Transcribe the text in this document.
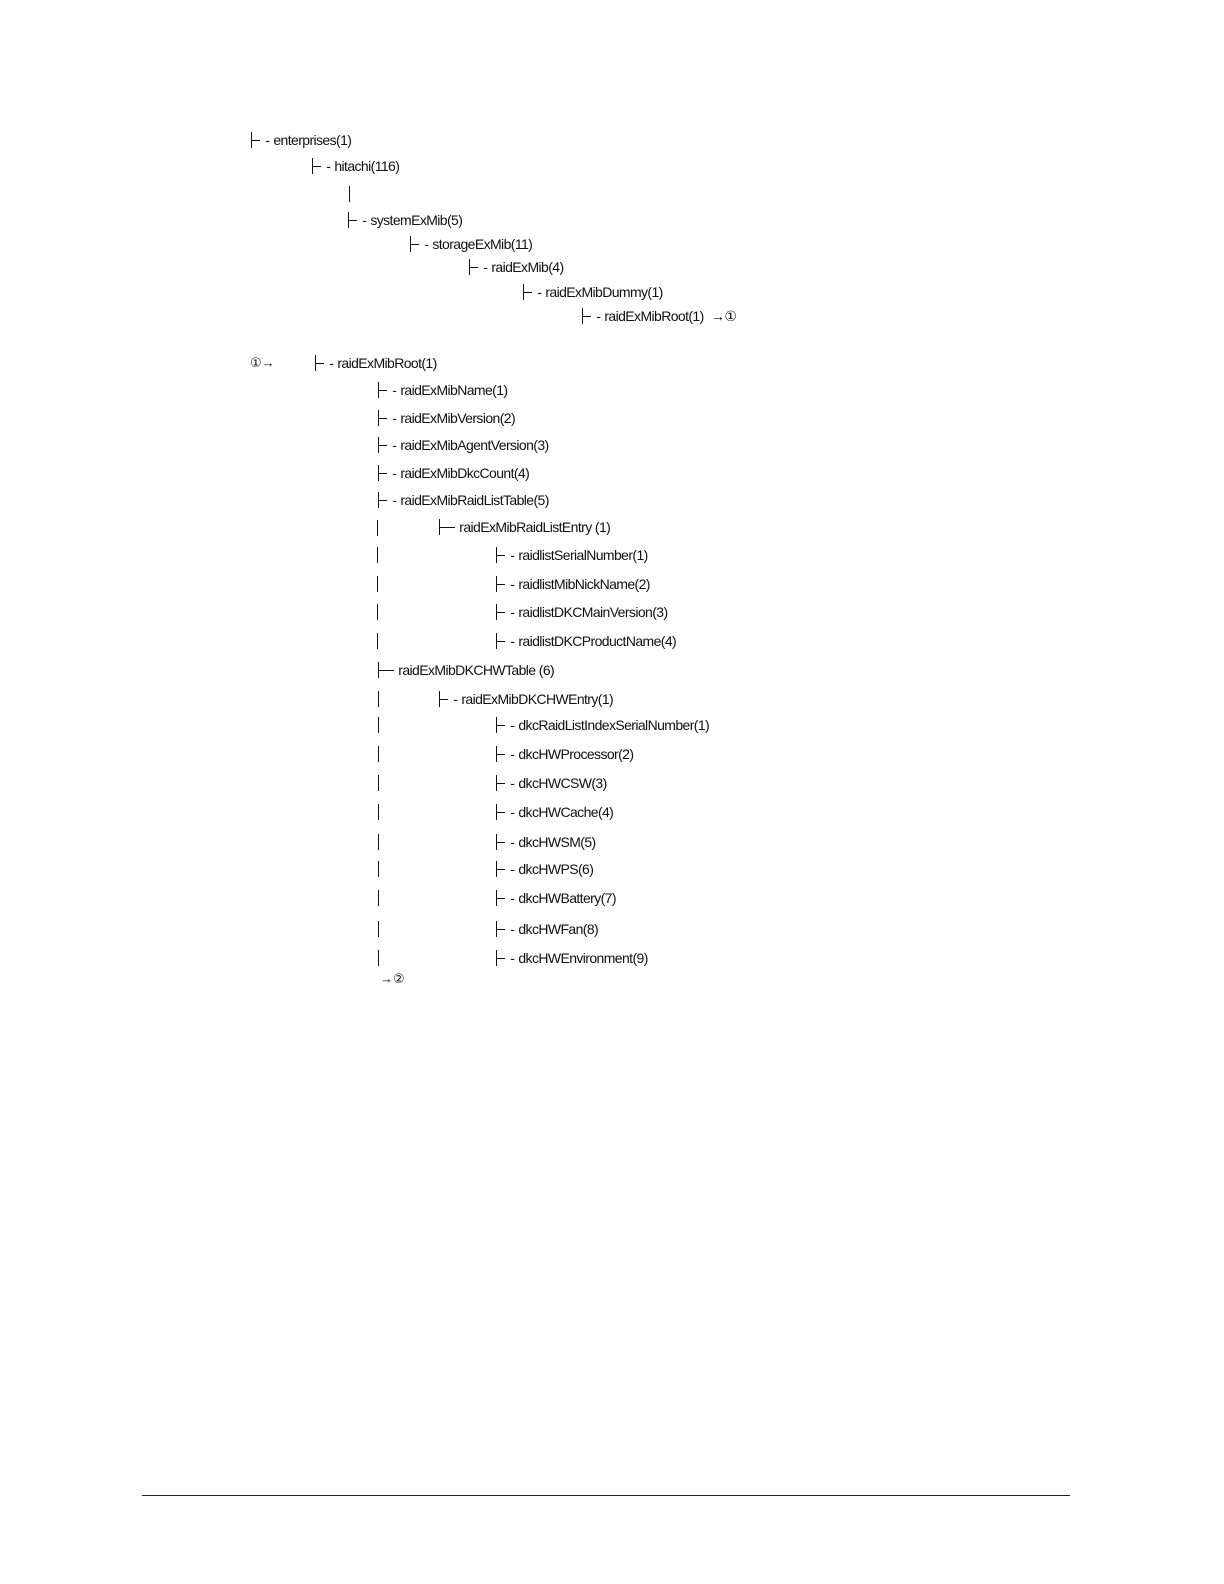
- enterprises(1)
- hitachi(116)
- systemExMib(5)
- storageExMib(11)
- raidExMib(4)
- raidExMibDummy(1)
- raidExMibRoot(1) →①
- raidExMibRoot(1)
①→
- raidExMibName(1)
- raidExMibVersion(2)
- raidExMibAgentVersion(3)
- raidExMibDkcCount(4)
- raidExMibRaidListTable(5)
raidExMibRaidListEntry (1)
- raidlistSerialNumber(1)
- raidlistMibNickName(2)
- raidlistDKCMainVersion(3)
- raidlistDKCProductName(4)
raidExMibDKCHWTable (6)
- raidExMibDKCHWEntry(1)
- dkcRaidListIndexSerialNumber(1)
- dkcHWProcessor(2)
- dkcHWCSW(3)
- dkcHWCache(4)
- dkcHWSM(5)
- dkcHWPS(6)
- dkcHWBattery(7)
- dkcHWFan(8)
- dkcHWEnvironment(9)
→②
